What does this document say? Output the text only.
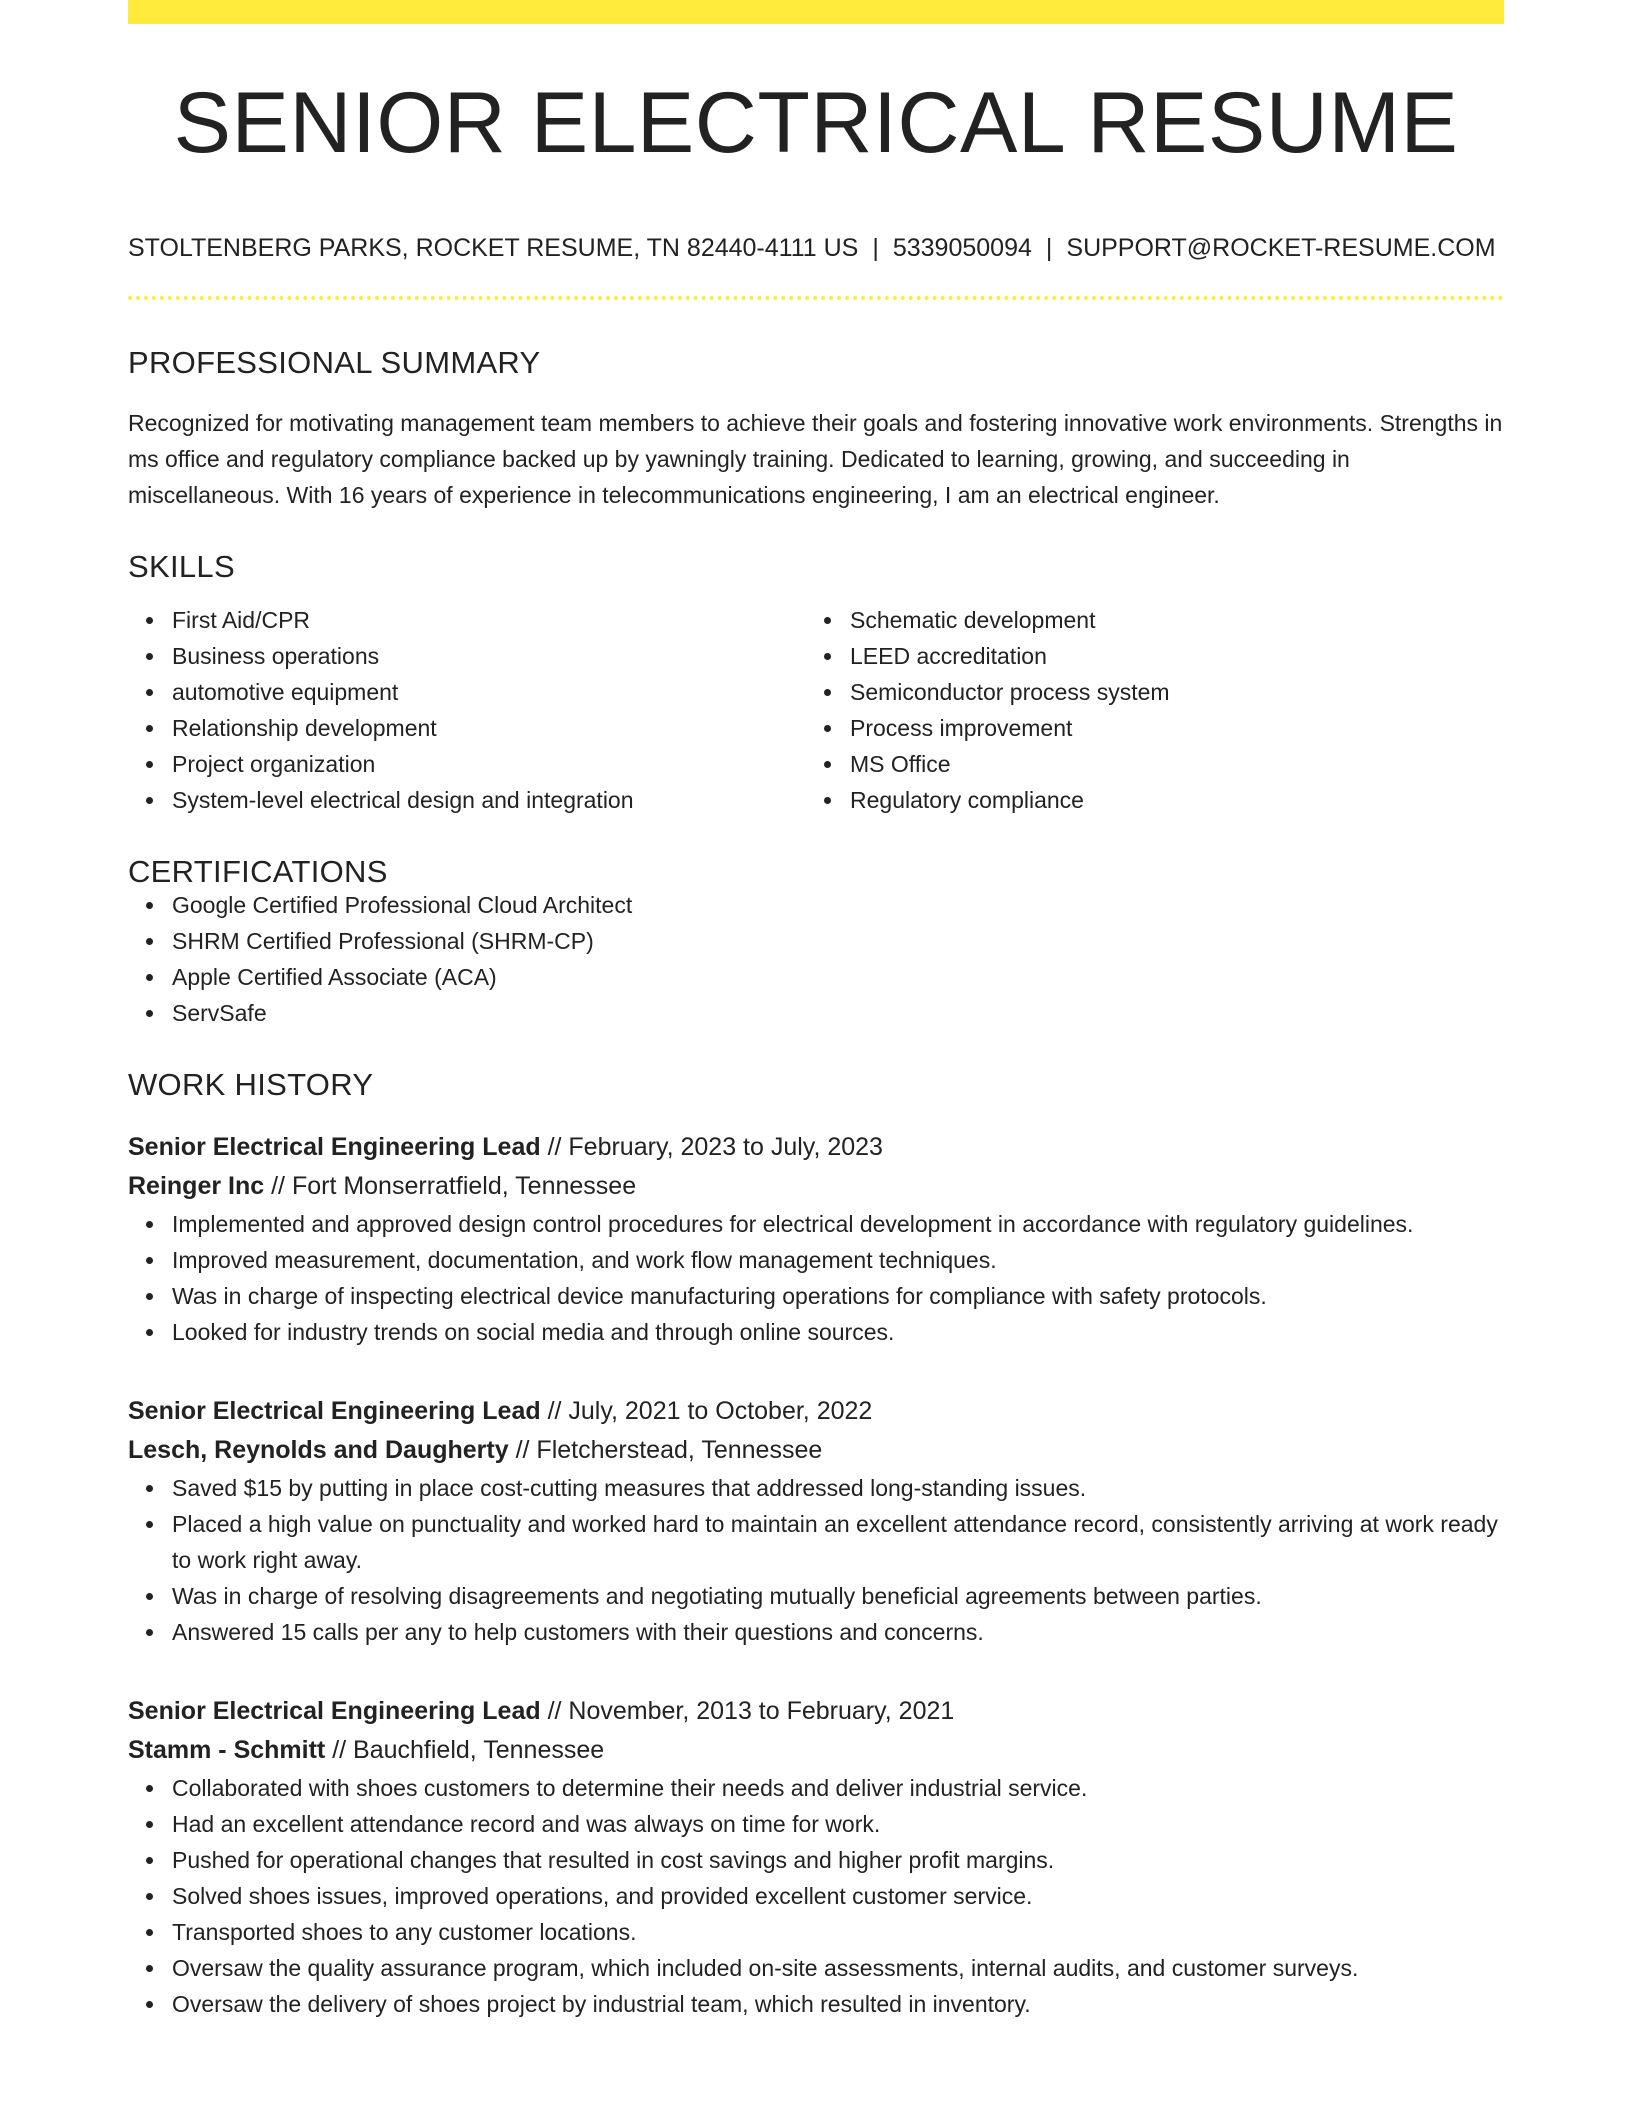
SENIOR ELECTRICAL RESUME
STOLTENBERG PARKS, ROCKET RESUME, TN 82440-4111 US | 5339050094 | SUPPORT@ROCKET-RESUME.COM
PROFESSIONAL SUMMARY

Recognized for motivating management team members to achieve their goals and fostering innovative work environments. Strengths in ms office and regulatory compliance backed up by yawningly training. Dedicated to learning, growing, and succeeding in miscellaneous. With 16 years of experience in telecommunications engineering, I am an electrical engineer.

SKILLS
First Aid/CPR
Business operations
automotive equipment
Relationship development
Project organization
System-level electrical design and integration
Schematic development
LEED accreditation
Semiconductor process system
Process improvement
MS Office
Regulatory compliance
CERTIFICATIONS
Google Certified Professional Cloud Architect
SHRM Certified Professional (SHRM-CP)
Apple Certified Associate (ACA)
ServSafe
WORK HISTORY
Senior Electrical Engineering Lead // February, 2023 to July, 2023
Reinger Inc // Fort Monserratfield, Tennessee
Implemented and approved design control procedures for electrical development in accordance with regulatory guidelines.
Improved measurement, documentation, and work flow management techniques.
Was in charge of inspecting electrical device manufacturing operations for compliance with safety protocols.
Looked for industry trends on social media and through online sources.
Senior Electrical Engineering Lead // July, 2021 to October, 2022
Lesch, Reynolds and Daugherty // Fletcherstead, Tennessee
Saved $15 by putting in place cost-cutting measures that addressed long-standing issues.
Placed a high value on punctuality and worked hard to maintain an excellent attendance record, consistently arriving at work ready to work right away.
Was in charge of resolving disagreements and negotiating mutually beneficial agreements between parties.
Answered 15 calls per any to help customers with their questions and concerns.
Senior Electrical Engineering Lead // November, 2013 to February, 2021
Stamm - Schmitt // Bauchfield, Tennessee
Collaborated with shoes customers to determine their needs and deliver industrial service.
Had an excellent attendance record and was always on time for work.
Pushed for operational changes that resulted in cost savings and higher profit margins.
Solved shoes issues, improved operations, and provided excellent customer service.
Transported shoes to any customer locations.
Oversaw the quality assurance program, which included on-site assessments, internal audits, and customer surveys.
Oversaw the delivery of shoes project by industrial team, which resulted in inventory.
